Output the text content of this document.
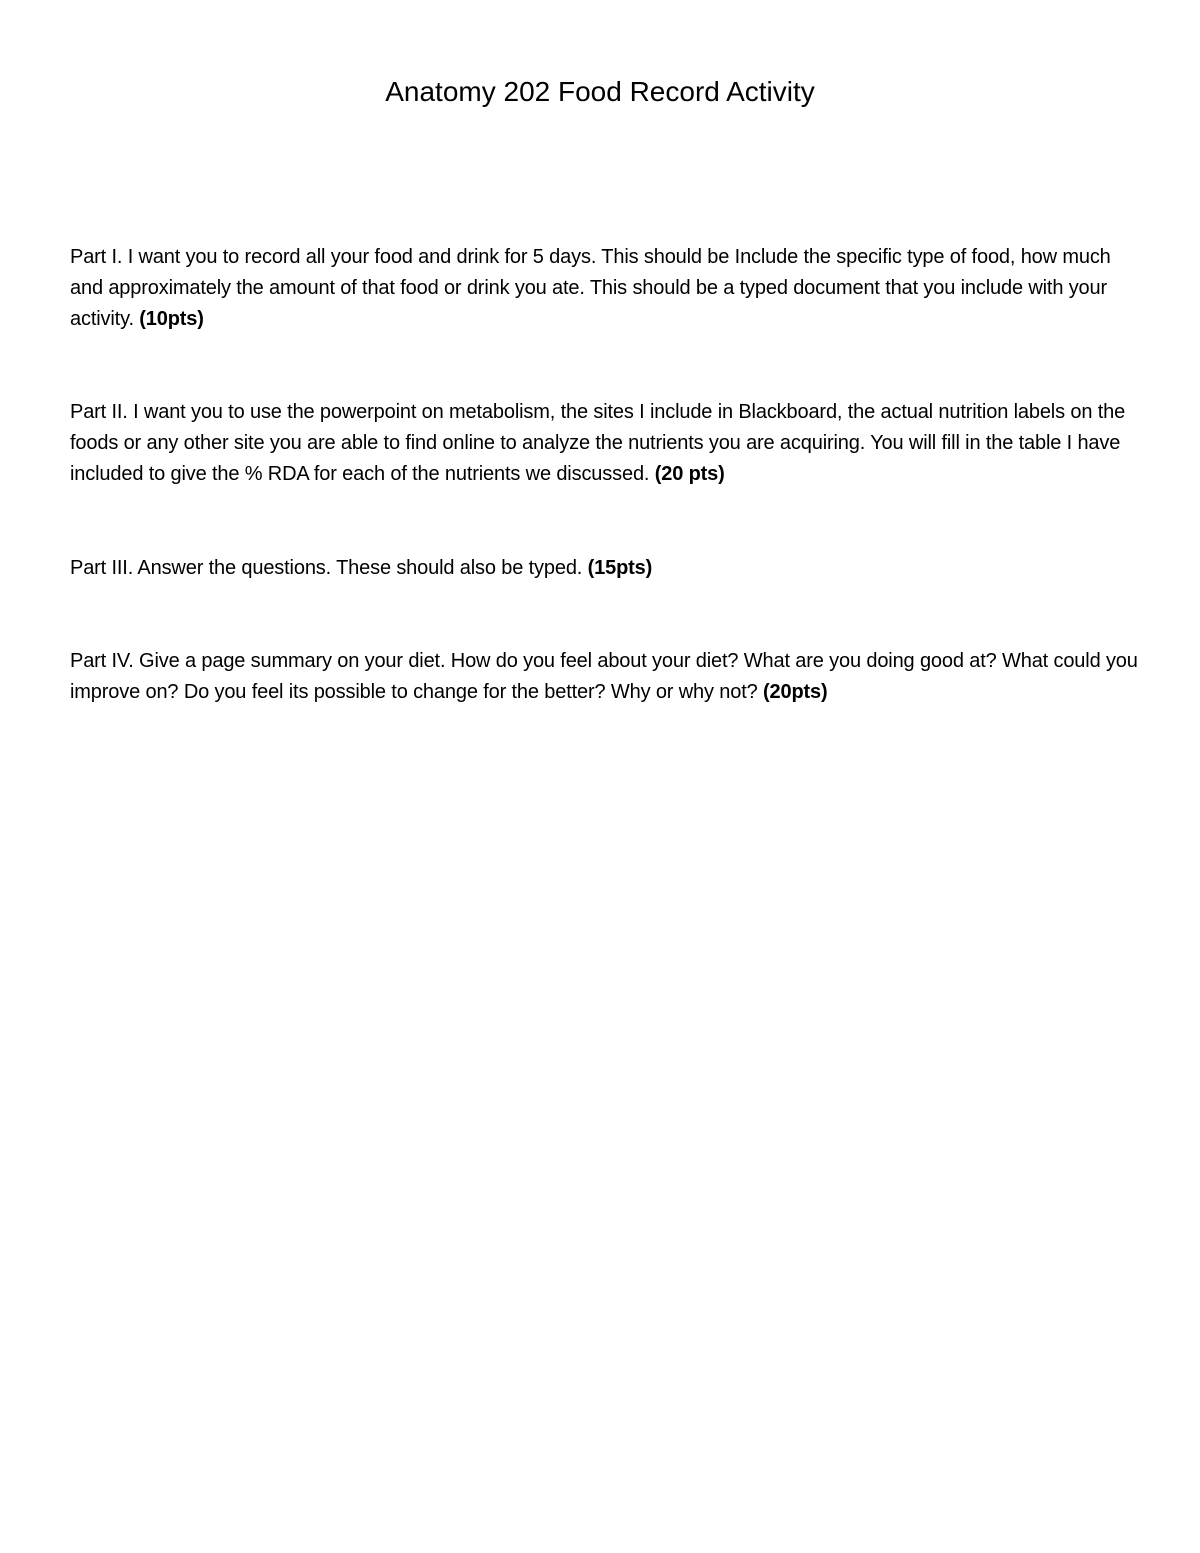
Anatomy 202 Food Record Activity

Part I. I want you to record all your food and drink for 5 days. This should be Include the specific type of food, how much and approximately the amount of that food or drink you ate. This should be a typed document that you include with your activity. (10pts)

Part II. I want you to use the powerpoint on metabolism, the sites I include in Blackboard, the actual nutrition labels on the foods or any other site you are able to find online to analyze the nutrients you are acquiring. You will fill in the table I have included to give the % RDA for each of the nutrients we discussed. (20 pts)

Part III. Answer the questions. These should also be typed. (15pts)

Part IV. Give a page summary on your diet. How do you feel about your diet? What are you doing good at? What could you improve on? Do you feel its possible to change for the better? Why or why not? (20pts)
